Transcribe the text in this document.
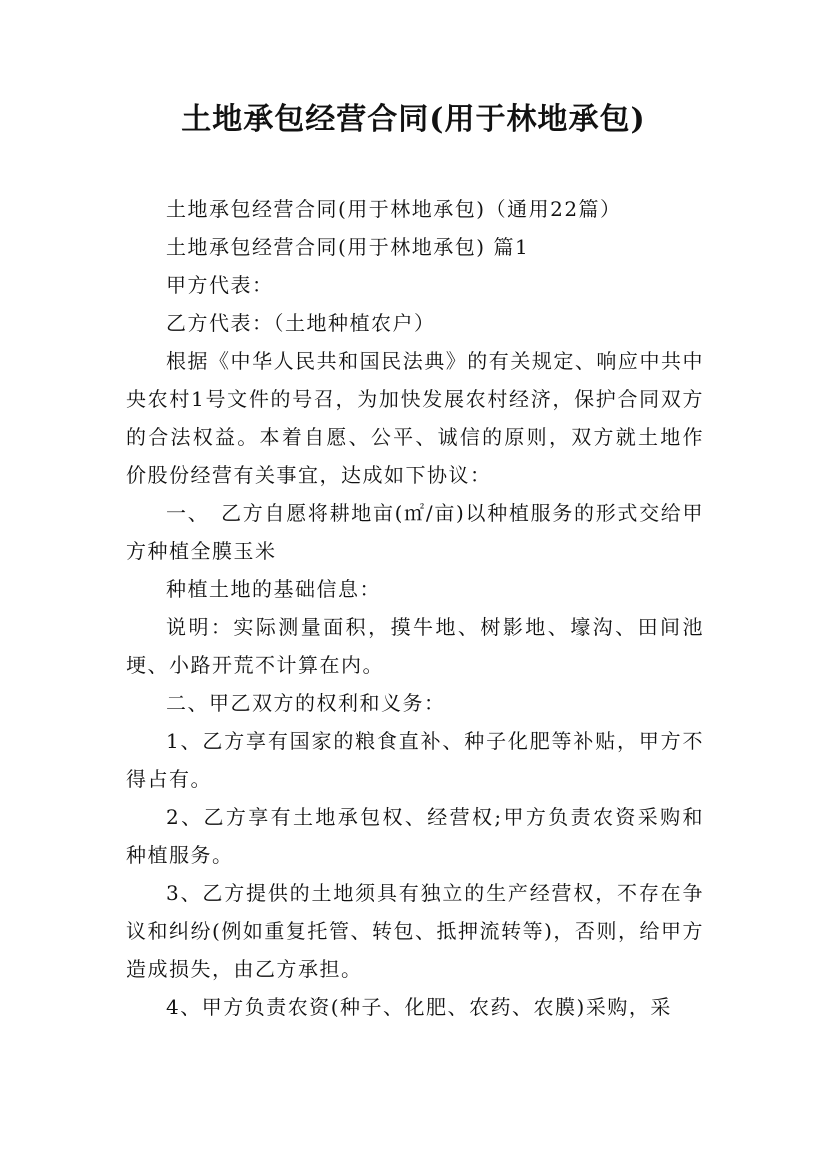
土地承包经营合同(用于林地承包)

土地承包经营合同(用于林地承包)（通用22篇）

土地承包经营合同(用于林地承包) 篇1

甲方代表：

乙方代表：（土地种植农户）

根据《中华人民共和国民法典》的有关规定、响应中共中央农村1号文件的号召，为加快发展农村经济，保护合同双方的合法权益。本着自愿、公平、诚信的原则，双方就土地作价股份经营有关事宜，达成如下协议：

一、　乙方自愿将耕地亩(㎡/亩)以种植服务的形式交给甲方种植全膜玉米

种植土地的基础信息：

说明：实际测量面积，摸牛地、树影地、壕沟、田间池埂、小路开荒不计算在内。

二、甲乙双方的权利和义务：

1、乙方享有国家的粮食直补、种子化肥等补贴，甲方不得占有。

2、乙方享有土地承包权、经营权;甲方负责农资采购和种植服务。

3、乙方提供的土地须具有独立的生产经营权，不存在争议和纠纷(例如重复托管、转包、抵押流转等)，否则，给甲方造成损失，由乙方承担。

4、甲方负责农资(种子、化肥、农药、农膜)采购，采
